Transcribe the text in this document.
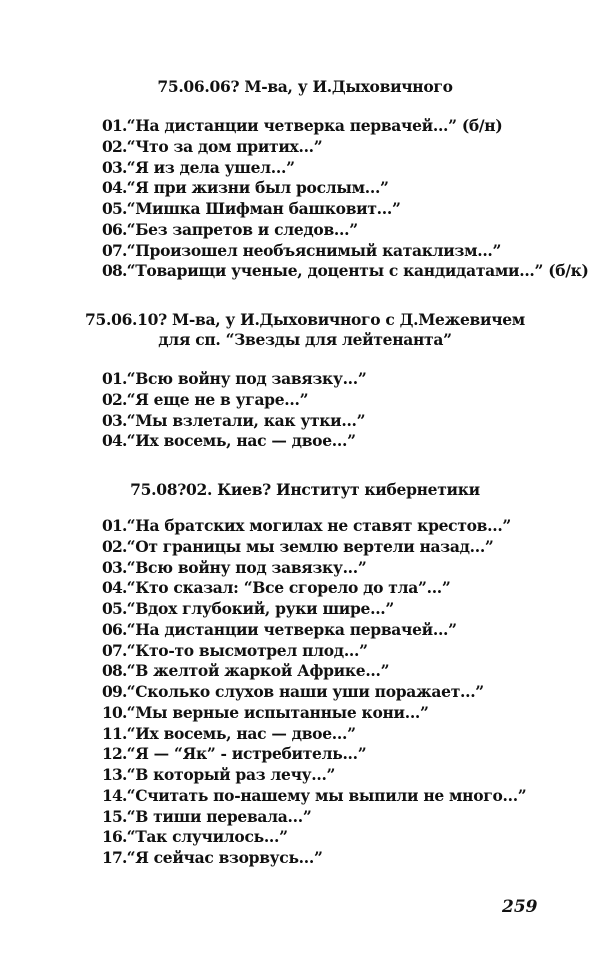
75.06.06? М-ва, у И.Дыховичного
01.“На дистанции четверка первачей...” (б/н)
02.“Что за дом притих...”
03.“Я из дела ушел...”
04.“Я при жизни был рослым...”
05.“Мишка Шифман башковит...”
06.“Без запретов и следов...”
07.“Произошел необъяснимый катаклизм...”
08.“Товарищи ученые, доценты с кандидатами...” (б/к)
75.06.10? М-ва, у И.Дыховичного с Д.Межевичем
для сп. “Звезды для лейтенанта”
01.“Всю войну под завязку...”
02.“Я еще не в угаре...”
03.“Мы взлетали, как утки...”
04.“Их восемь, нас — двое...”
75.08?02. Киев? Институт кибернетики
01.“На братских могилах не ставят крестов...”
02.“От границы мы землю вертели назад...”
03.“Всю войну под завязку...”
04.“Кто сказал: “Все сгорело до тла”...”
05.“Вдох глубокий, руки шире...”
06.“На дистанции четверка первачей...”
07.“Кто-то высмотрел плод...”
08.“В желтой жаркой Африке...”
09.“Сколько слухов наши уши поражает...”
10.“Мы верные испытанные кони...”
11.“Их восемь, нас — двое...”
12.“Я — “Як” - истребитель...”
13.“В который раз лечу...”
14.“Считать по-нашему мы выпили не много...”
15.“В тиши перевала...”
16.“Так случилось...”
17.“Я сейчас взорвусь...”
259
